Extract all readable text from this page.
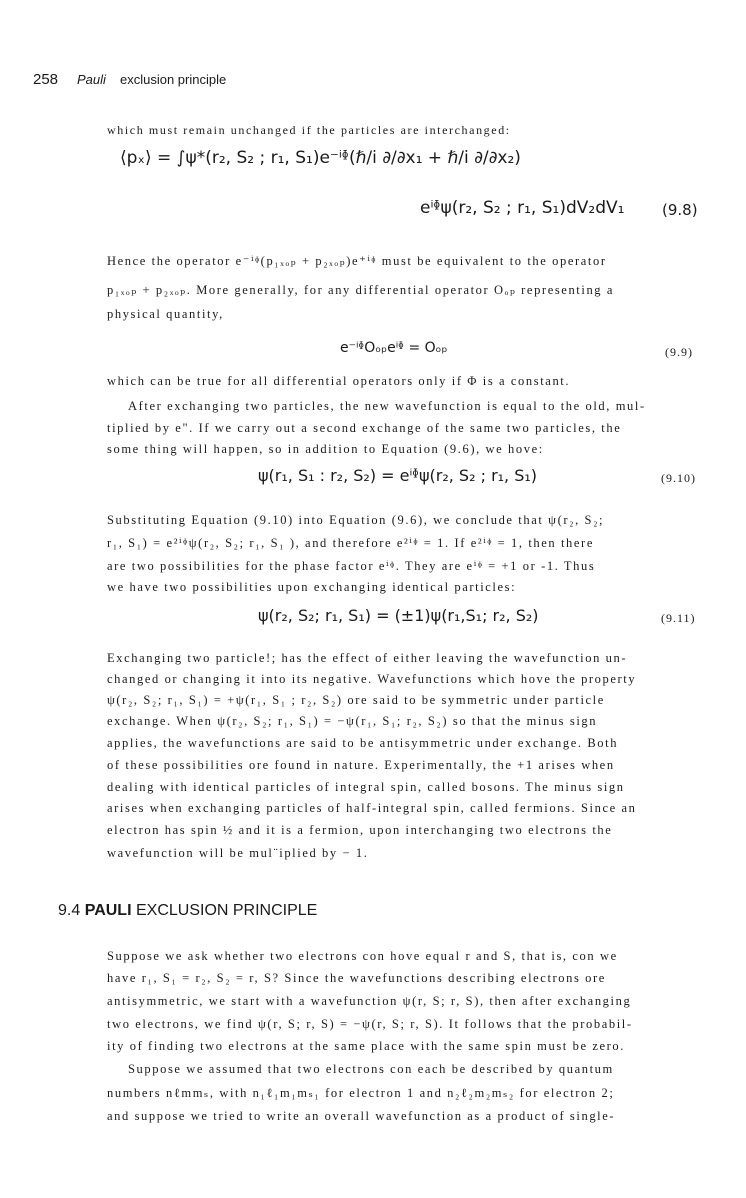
258 Pauli exclusion principle
which must remain unchanged if the particles are interchanged:
⟨pₓ⟩ = ∫ψ*(r₂, S₂ ; r₁, S₁)e⁻ⁱᶲ(ℏ/i ∂/∂x₁ + ℏ/i ∂/∂x₂)
eⁱᶲψ(r₂, S₂ ; r₁, S₁)dV₂dV₁	(9.8)
Hence the operator e⁻ⁱᶲ(p₁ₓₒₚ + p₂ₓₒₚ)e⁺ⁱᶲ must be equivalent to the operator
p₁ₓₒₚ + p₂ₓₒₚ. More generally, for any differential operator Oₒₚ representing a
physical quantity,
e⁻ⁱᶲOₒₚeⁱᶲ = Oₒₚ	(9.9)
which can be true for all differential operators only if Φ is a constant.
After exchanging two particles, the new wavefunction is equal to the old, mul-
tiplied by e". If we carry out a second exchange of the same two particles, the
some thing will happen, so in addition to Equation (9.6), we hove:
ψ(r₁, S₁ : r₂, S₂) = eⁱᶲψ(r₂, S₂ ; r₁, S₁)	(9.10)
Substituting Equation (9.10) into Equation (9.6), we conclude that ψ(r₂, S₂;
r₁, S₁) = e²ⁱᶲψ(r₂, S₂; r₁, S₁ ), and therefore e²ⁱᶲ = 1. If e²ⁱᶲ = 1, then there
are two possibilities for the phase factor eⁱᶲ. They are eⁱᶲ = +1 or -1. Thus
we have two possibilities upon exchanging identical particles:
ψ(r₂, S₂; r₁, S₁) = (±1)ψ(r₁,S₁; r₂, S₂)	(9.11)
Exchanging two particle!; has the effect of either leaving the wavefunction un-
changed or changing it into its negative. Wavefunctions which hove the property
ψ(r₂, S₂; r₁, S₁) = +ψ(r₁, S₁ ; r₂, S₂) ore said to be symmetric under particle
exchange. When ψ(r₂, S₂; r₁, S₁) = −ψ(r₁, S₁; r₂, S₂) so that the minus sign
applies, the wavefunctions are said to be antisymmetric under exchange. Both
of these possibilities ore found in nature. Experimentally, the +1 arises when
dealing with identical particles of integral spin, called bosons. The minus sign
arises when exchanging particles of half-integral spin, called fermions. Since an
electron has spin ½ and it is a fermion, upon interchanging two electrons the
wavefunction will be mul¨iplied by − 1.
9.4 PAULI EXCLUSION PRINCIPLE
Suppose we ask whether two electrons con hove equal r and S, that is, con we
have r₁, S₁ = r₂, S₂ = r, S? Since the wavefunctions describing electrons ore
antisymmetric, we start with a wavefunction ψ(r, S; r, S), then after exchanging
two electrons, we find ψ(r, S; r, S) = −ψ(r, S; r, S). It follows that the probabil-
ity of finding two electrons at the same place with the same spin must be zero.
Suppose we assumed that two electrons con each be described by quantum
numbers nℓmmₛ, with n₁ℓ₁m₁mₛ₁ for electron 1 and n₂ℓ₂m₂mₛ₂ for electron 2;
and suppose we tried to write an overall wavefunction as a product of single-
